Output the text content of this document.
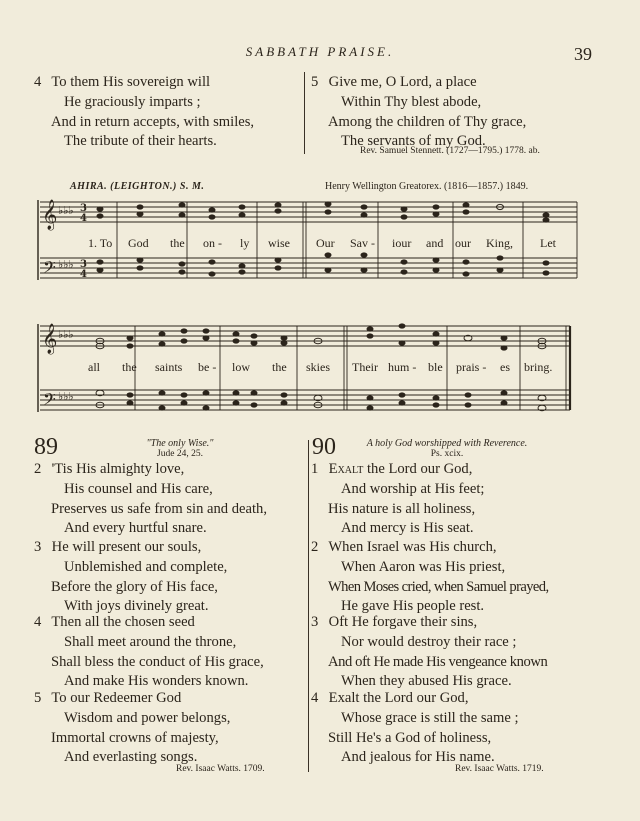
SABBATH PRAISE.	39
4 To them His sovereign will
He graciously imparts ;
And in return accepts, with smiles,
The tribute of their hearts.
5 Give me, O Lord, a place
Within Thy blest abode,
Among the children of Thy grace,
The servants of my God.
Rev. Samuel Stennett. (1727—1795.) 1778. ab.
AHIRA. (LEIGHTON.) S. M.	Henry Wellington Greatorex. (1816—1857.) 1849.
𝄞
𝄢
𝄞
𝄢
♭♭♭
♭♭♭
♭♭♭
♭♭♭
3
4
3
4
1. To God the on - ly wise Our Sav - iour and our King, Let
all the saints be - low the skies Their hum - ble prais - es bring.
89	"The only Wise."
Jude 24, 25.
2 'Tis His almighty love,
His counsel and His care,
Preserves us safe from sin and death,
And every hurtful snare.
3 He will present our souls,
Unblemished and complete,
Before the glory of His face,
With joys divinely great.
4 Then all the chosen seed
Shall meet around the throne,
Shall bless the conduct of His grace,
And make His wonders known.
5 To our Redeemer God
Wisdom and power belongs,
Immortal crowns of majesty,
And everlasting songs.
Rev. Isaac Watts. 1709.
90	A holy God worshipped with Reverence.
Ps. xcix.
1 Exalt the Lord our God,
And worship at His feet;
His nature is all holiness,
And mercy is His seat.
2 When Israel was His church,
When Aaron was His priest,
When Moses cried, when Samuel prayed,
He gave His people rest.
3 Oft He forgave their sins,
Nor would destroy their race ;
And oft He made His vengeance known
When they abused His grace.
4 Exalt the Lord our God,
Whose grace is still the same ;
Still He's a God of holiness,
And jealous for His name.
Rev. Isaac Watts. 1719.
